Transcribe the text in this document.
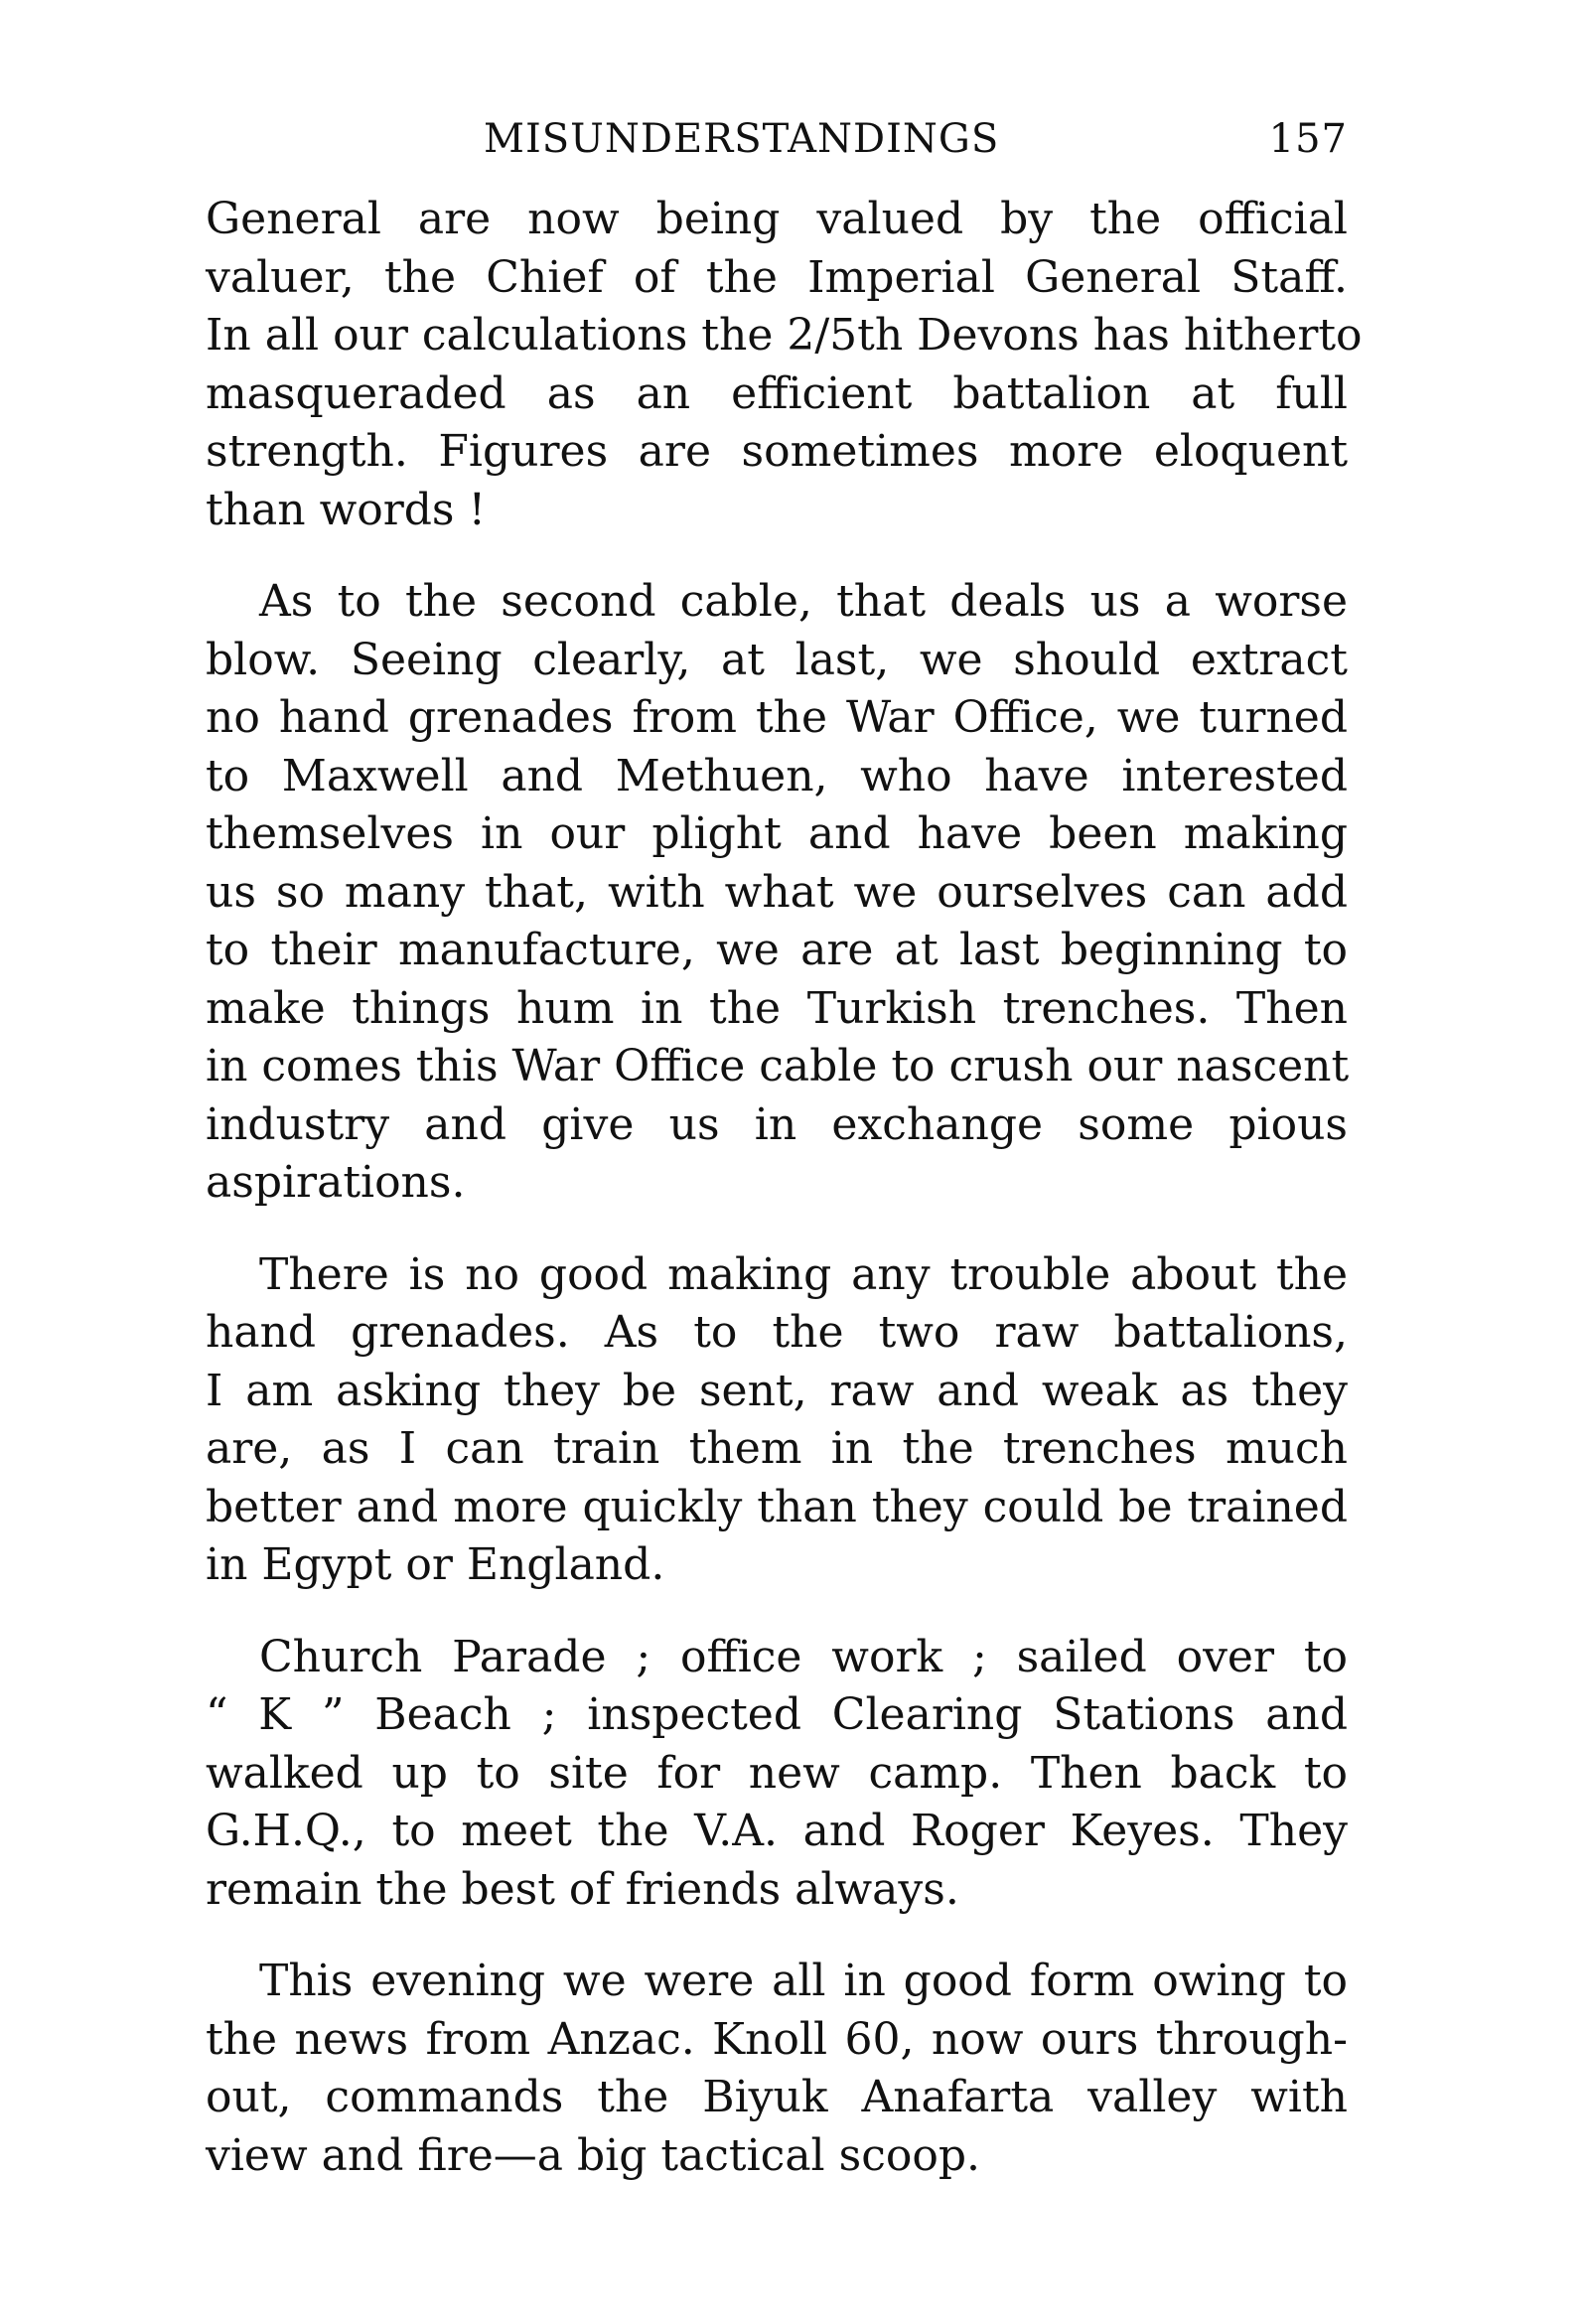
MISUNDERSTANDINGS	157

General are now being valued by the official
valuer, the Chief of the Imperial General Staff.
In all our calculations the 2/5th Devons has hitherto
masqueraded as an efficient battalion at full
strength. Figures are sometimes more eloquent
than words !

As to the second cable, that deals us a worse
blow. Seeing clearly, at last, we should extract
no hand grenades from the War Office, we turned
to Maxwell and Methuen, who have interested
themselves in our plight and have been making
us so many that, with what we ourselves can add
to their manufacture, we are at last beginning to
make things hum in the Turkish trenches. Then
in comes this War Office cable to crush our nascent
industry and give us in exchange some pious
aspirations.

There is no good making any trouble about the
hand grenades. As to the two raw battalions,
I am asking they be sent, raw and weak as they
are, as I can train them in the trenches much
better and more quickly than they could be trained
in Egypt or England.

Church Parade ; office work ; sailed over to
“ K ” Beach ; inspected Clearing Stations and
walked up to site for new camp. Then back to
G.H.Q., to meet the V.A. and Roger Keyes. They
remain the best of friends always.

This evening we were all in good form owing to
the news from Anzac. Knoll 60, now ours through-
out, commands the Biyuk Anafarta valley with
view and fire—a big tactical scoop.
